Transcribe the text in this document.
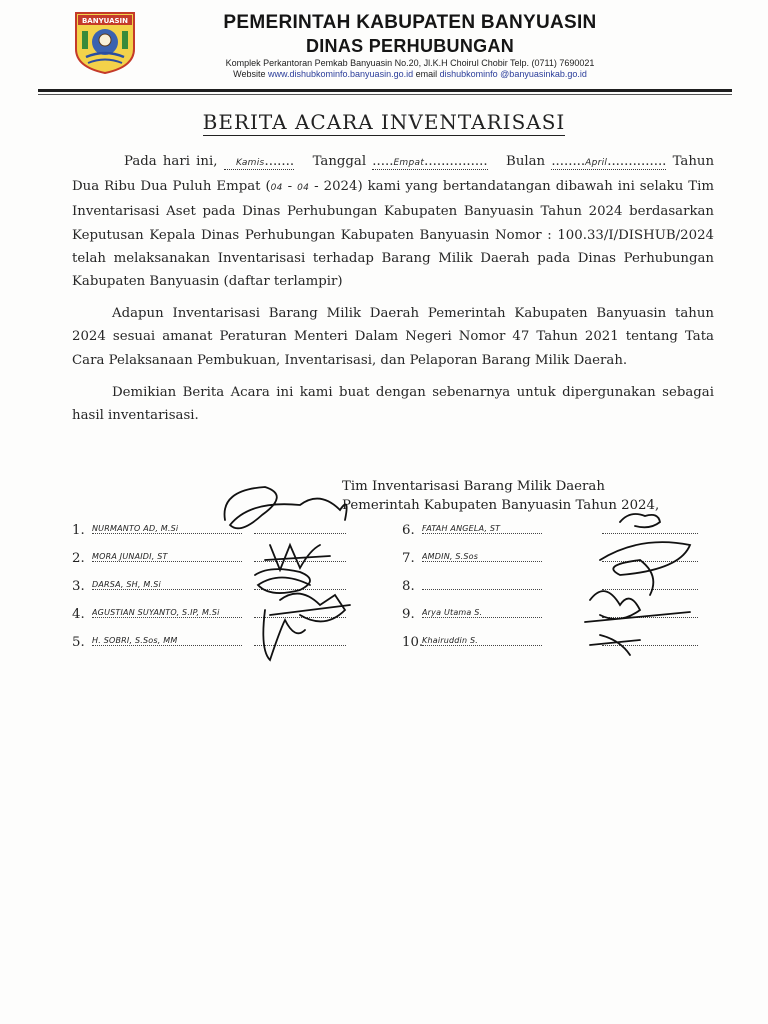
BANYUASIN	PEMERINTAH KABUPATEN BANYUASIN
DINAS PERHUBUNGAN
Komplek Perkantoran Pemkab Banyuasin No.20, Jl.K.H Choirul Chobir Telp. (0711) 7690021
Website www.dishubkominfo.banyuasin.go.id email dishubkominfo @banyuasinkab.go.id
BERITA ACARA INVENTARISASI

Pada hari ini, Kamis....... Tanggal .....Empat............... Bulan ........April.............. Tahun Dua Ribu Dua Puluh Empat (04 - 04 - 2024) kami yang bertandatangan dibawah ini selaku Tim Inventarisasi Aset pada Dinas Perhubungan Kabupaten Banyuasin Tahun 2024 berdasarkan Keputusan Kepala Dinas Perhubungan Kabupaten Banyuasin Nomor : 100.33/I/DISHUB/2024 telah melaksanakan Inventarisasi terhadap Barang Milik Daerah pada Dinas Perhubungan Kabupaten Banyuasin (daftar terlampir)

Adapun Inventarisasi Barang Milik Daerah Pemerintah Kabupaten Banyuasin tahun 2024 sesuai amanat Peraturan Menteri Dalam Negeri Nomor 47 Tahun 2021 tentang Tata Cara Pelaksanaan Pembukuan, Inventarisasi, dan Pelaporan Barang Milik Daerah.

Demikian Berita Acara ini kami buat dengan sebenarnya untuk dipergunakan sebagai hasil inventarisasi.

Tim Inventarisasi Barang Milik Daerah
Pemerintah Kabupaten Banyuasin Tahun 2024,
1. NURMANTO AD, M.Si
2. MORA JUNAIDI, ST
3. DARSA, SH, M.Si
4. AGUSTIAN SUYANTO, S.IP, M.Si
5. H. SOBRI, S.Sos, MM
6. FATAH ANGELA, ST
7. AMDIN, S.Sos
8.
9. Arya Utama S.
10.Khairuddin S.
